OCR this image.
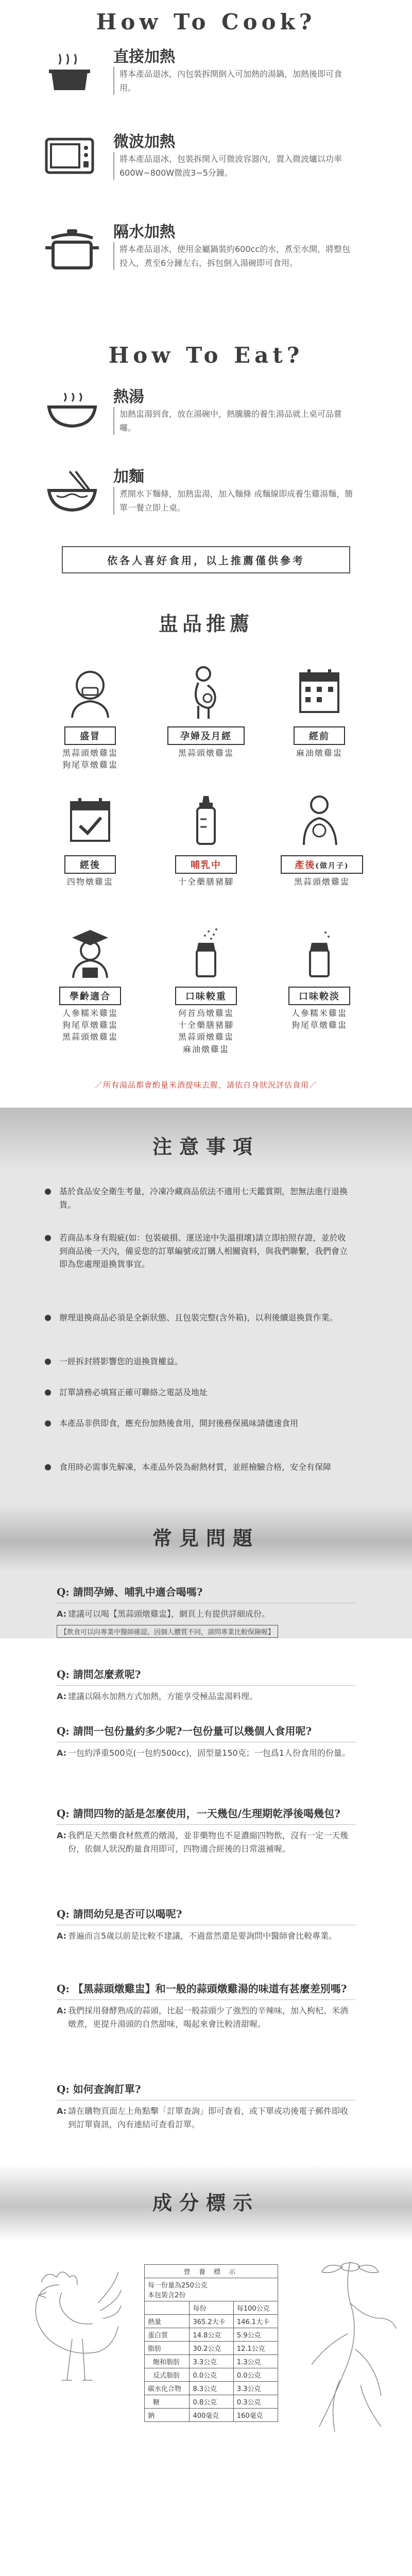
How To Cook?
直接加熱
將本產品退冰，內包裝拆開倒入可加熱的湯鍋，加熱後即可食用。
微波加熱
將本產品退冰，包裝拆開入可微波容器內，置入微波爐以功率600W~800W微波3~5分鐘。
隔水加熱
將本產品退冰，使用金屬鍋裝約600cc的水，煮至水開，將整包投入，煮至6分鐘左右，拆包倒入湯碗即可食用。
How To Eat?
熱湯
加熱盅湯到食，放在湯碗中，熱騰騰的養生湯品就上桌可品嘗囉。
加麵
煮開水下麵條，加熱盅湯，加入麵條 或麵線即成養生雞湯麵，簡單一餐立即上桌。
依各人喜好食用，以上推薦僅供參考
盅品推薦
盛冒
黑蒜頭燉雞盅
狗尾草燉雞盅
孕婦及月經
黑蒜頭燉雞盅
經前
麻油燉雞盅
經後
四物燉雞盅
哺乳中
十全藥膳豬腳
產後(做月子)
黑蒜頭燉雞盅
學齡適合
人參糯米雞盅
狗尾草燉雞盅
黑蒜頭燉雞盅
口味較重
何首烏燉雞盅
十全藥膳豬腳
黑蒜頭燉雞盅
麻油燉雞盅
口味較淡
人參糯米雞盅
狗尾草燉雞盅
／所有湯品都會酌量米酒提味去腥，請依自身狀況評估食用／
注意事項
基於食品安全衛生考量，冷凍冷藏商品依法不適用七天鑑賞期，恕無法進行退換貨。
若商品本身有瑕疵(如：包裝破損、運送途中失溫損壞)請立即拍照存證，並於收到商品後一天內，備妥您的訂單編號或訂購人相關資料，與我們聯繫，我們會立即為您處理退換貨事宜。
辦理退換商品必須是全新狀態、且包裝完整(含外箱)，以利後續退換貨作業。
一經拆封將影響您的退換貨權益。
訂單請務必填寫正確可聯絡之電話及地址
本產品非供即食，應充份加熱後食用，開封後務保風味請儘速食用
食用時必需事先解凍，本產品外袋為耐熱材質，並經檢驗合格，安全有保障
常見問題
Q: 請問孕婦、哺乳中適合喝嗎?
A: 建議可以喝【黑蒜頭燉雞盅】，網頁上有提供詳細成份。
【飲食可以向專業中醫師確認，因個人體質不同，請問專業比較保險喔】
Q: 請問怎麼煮呢?
A: 建議以隔水加熱方式加熱，方能享受極品盅湯料理。
Q: 請問一包份量約多少呢?一包份量可以幾個人食用呢?
A: 一包約淨重500克(一包約500cc)，固型量150克；一包爲1人份食用的份量。
Q: 請問四物的話是怎麼使用，一天幾包/生理期乾淨後喝幾包?
A: 我們是天然藥食材熬煮的燉湯，並非藥物也不是濃縮四物飲，沒有一定一天幾份，依個人狀況酌量食用即可，四物適合經後的日常滋補喔。
Q: 請問幼兒是否可以喝呢?
A: 普遍而言5歲以前是比較不建議，不過當然還是要詢問中醫師會比較專業。
Q: 【黑蒜頭燉雞盅】和一般的蒜頭燉雞湯的味道有甚麼差別嗎?
A: 我們採用發酵熟成的蒜頭，比起一般蒜頭少了強烈的辛辣味，加入枸杞、米酒燉煮，更提升湯頭的自然甜味，喝起來會比較清甜喔。
Q: 如何查詢訂單?
A: 請在購物頁面左上角點擊「訂單查詢」即可查看，或下單或功後電子郵件即收到訂單資訊，內有連結可查看訂單。
成分標示
營 養 標 示		

每一份量為250公克
本包裝含2份		

	每份	每100公克
熱量	365.2大卡	146.1大卡
蛋白質	14.8公克	5.9公克
脂肪	30.2公克	12.1公克
飽和脂肪	3.3公克	1.3公克
反式脂肪	0.0公克	0.0公克
碳水化合物	8.3公克	3.3公克
糖	0.8公克	0.3公克
鈉	400毫克	160毫克
